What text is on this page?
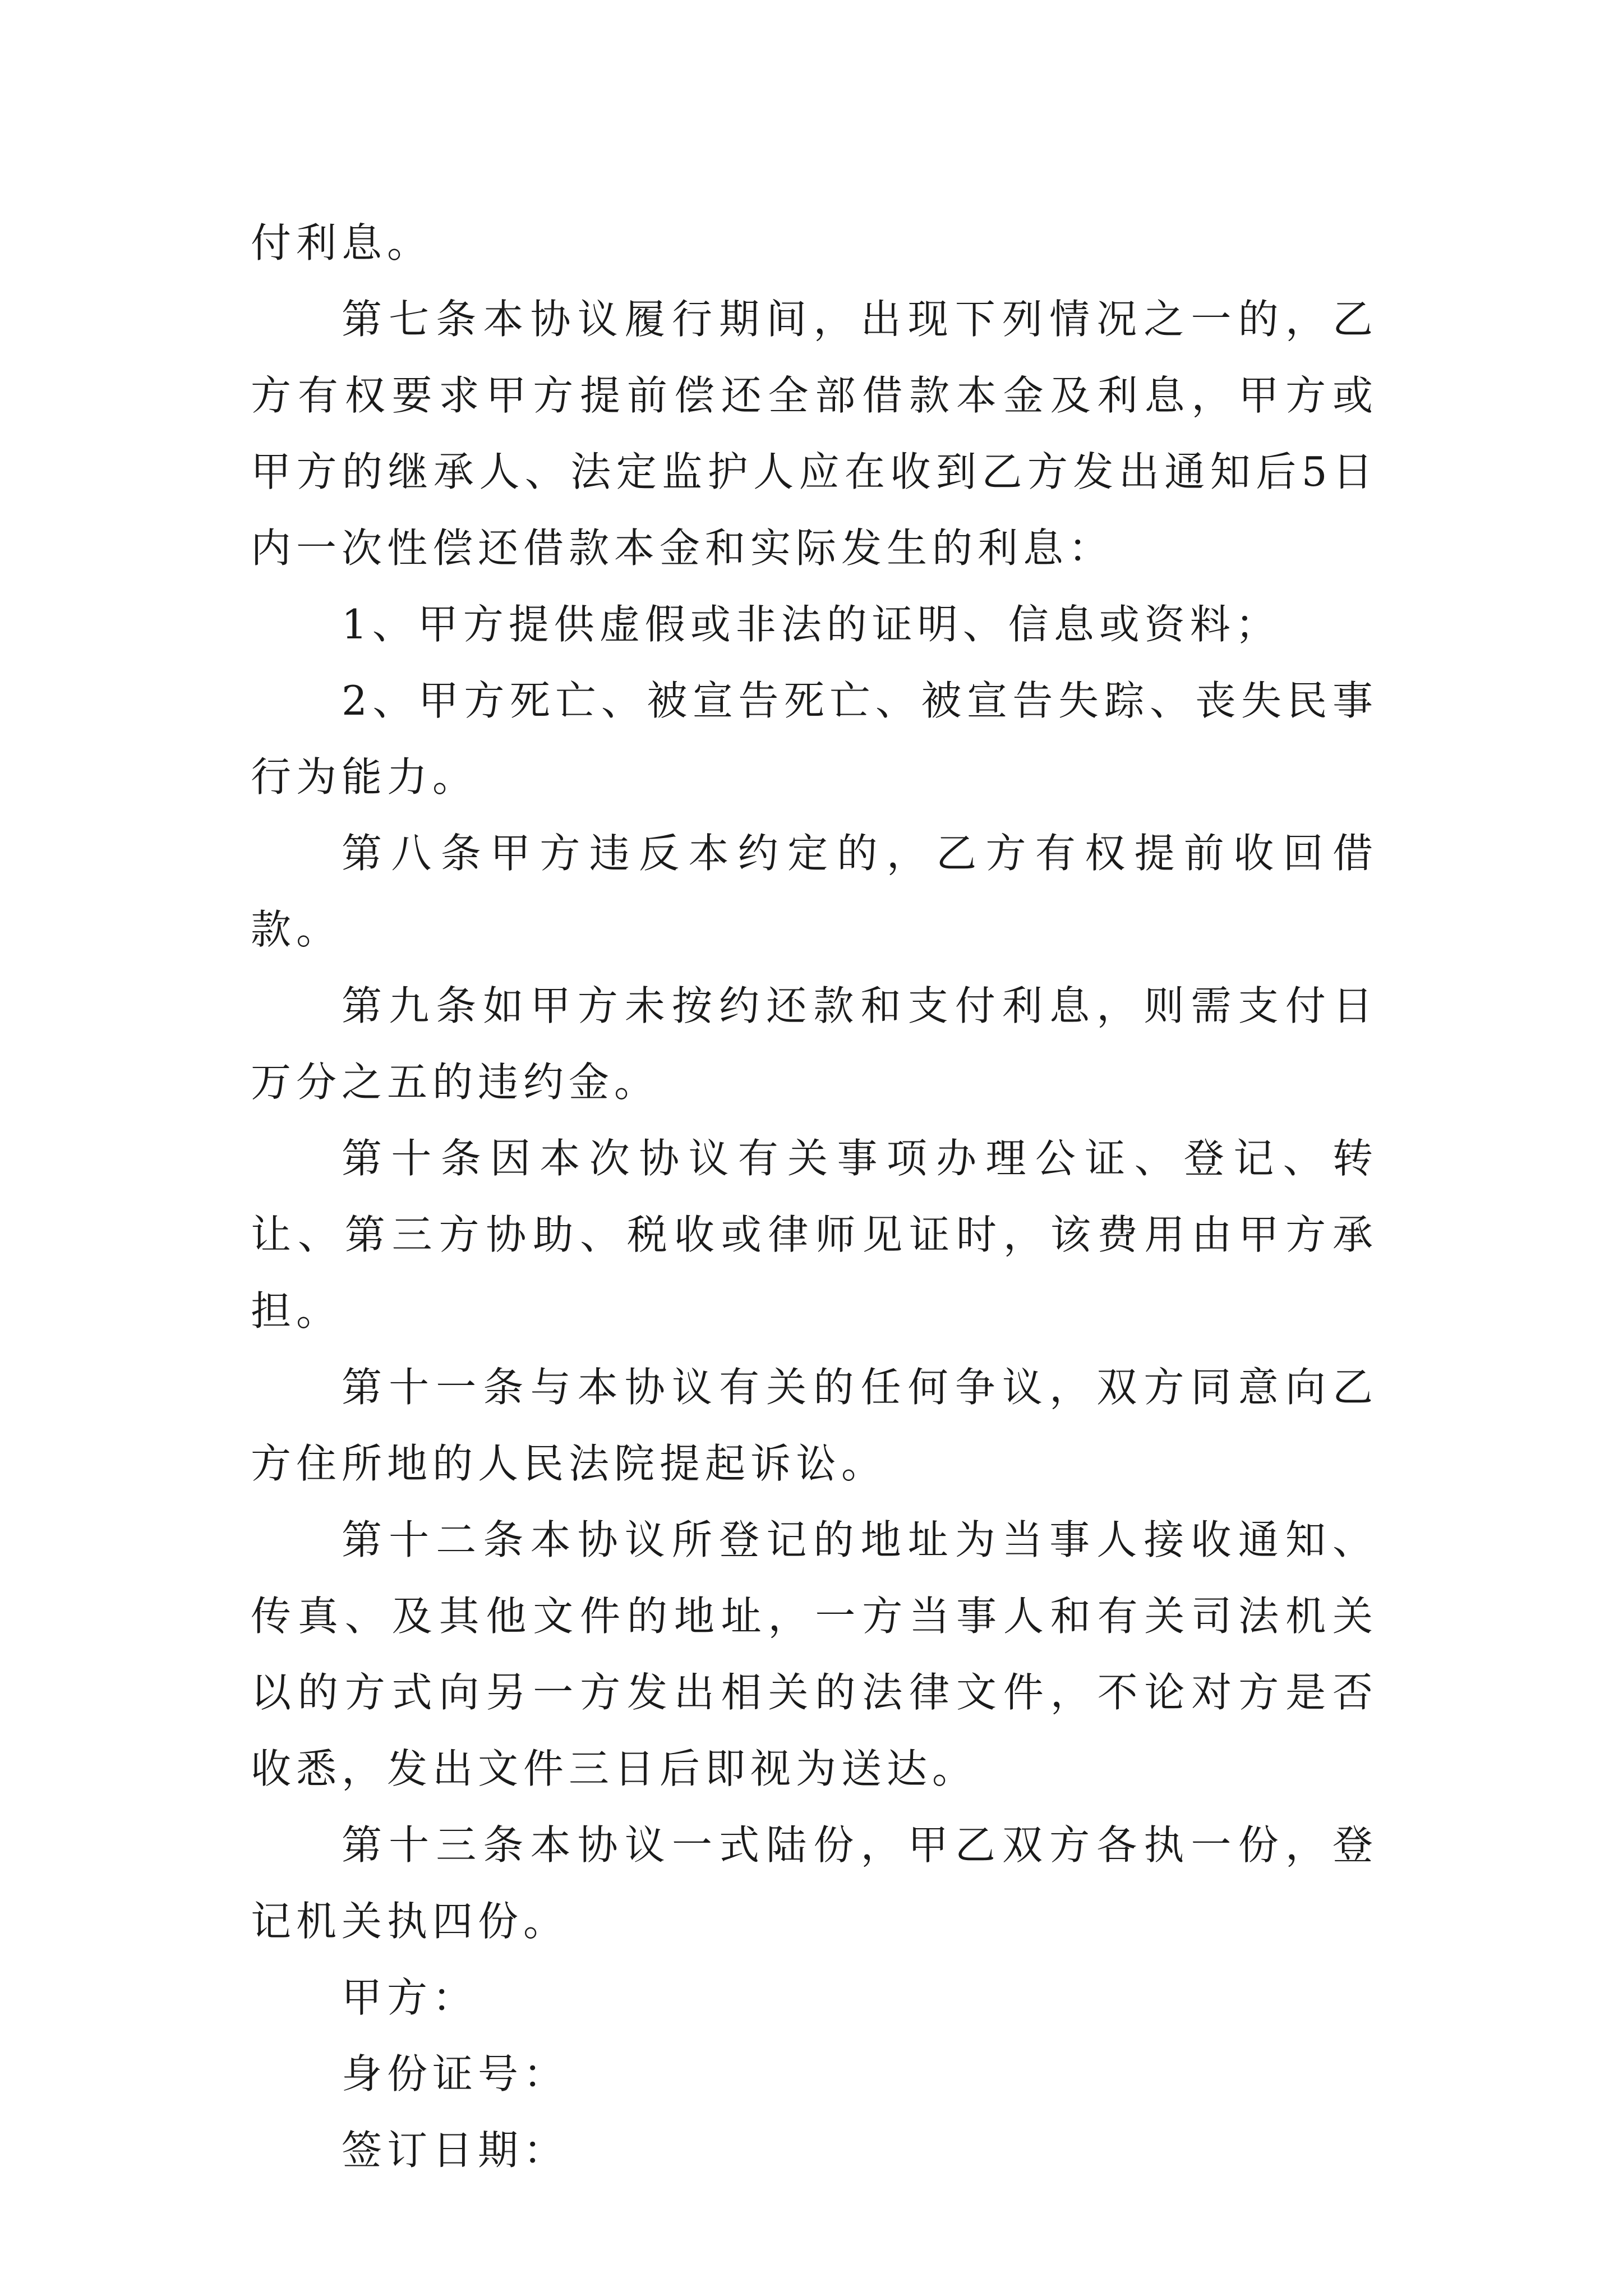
付利息。

第七条本协议履行期间，出现下列情况之一的，乙方有权要求甲方提前偿还全部借款本金及利息，甲方或甲方的继承人、法定监护人应在收到乙方发出通知后5日内一次性偿还借款本金和实际发生的利息：

1、甲方提供虚假或非法的证明、信息或资料；

2、甲方死亡、被宣告死亡、被宣告失踪、丧失民事行为能力。

第八条甲方违反本约定的，乙方有权提前收回借款。

第九条如甲方未按约还款和支付利息，则需支付日万分之五的违约金。

第十条因本次协议有关事项办理公证、登记、转让、第三方协助、税收或律师见证时，该费用由甲方承担。

第十一条与本协议有关的任何争议，双方同意向乙方住所地的人民法院提起诉讼。

第十二条本协议所登记的地址为当事人接收通知、传真、及其他文件的地址，一方当事人和有关司法机关以的方式向另一方发出相关的法律文件，不论对方是否收悉，发出文件三日后即视为送达。

第十三条本协议一式陆份，甲乙双方各执一份，登记机关执四份。

甲方：

身份证号：

签订日期：
